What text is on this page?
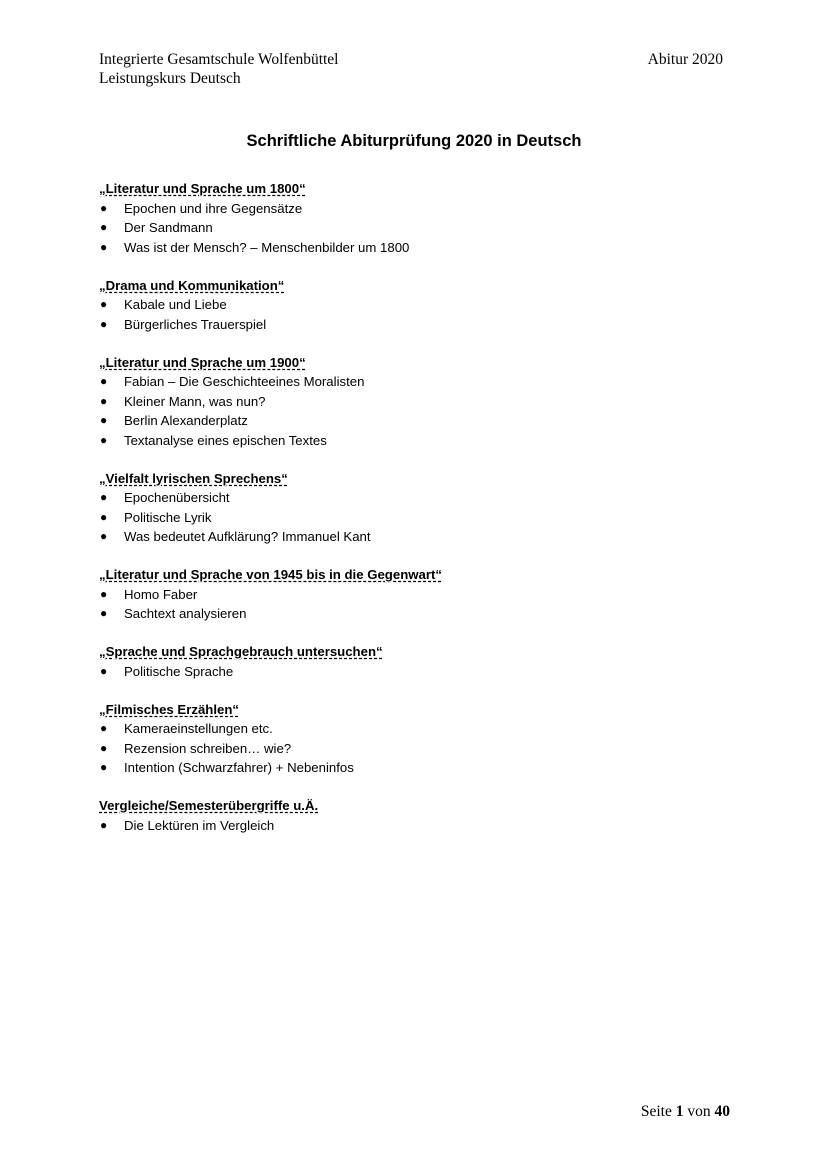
Integrierte Gesamtschule Wolfenbüttel
Leistungskurs Deutsch
Abitur 2020
Schriftliche Abiturprüfung 2020 in Deutsch
„Literatur und Sprache um 1800“
● Epochen und ihre Gegensätze
● Der Sandmann
● Was ist der Mensch? – Menschenbilder um 1800
„Drama und Kommunikation“
● Kabale und Liebe
● Bürgerliches Trauerspiel
„Literatur und Sprache um 1900“
● Fabian – Die Geschichteeines Moralisten
● Kleiner Mann, was nun?
● Berlin Alexanderplatz
● Textanalyse eines epischen Textes
„Vielfalt lyrischen Sprechens“
● Epochenübersicht
● Politische Lyrik
● Was bedeutet Aufklärung? Immanuel Kant
„Literatur und Sprache von 1945 bis in die Gegenwart“
● Homo Faber
● Sachtext analysieren
„Sprache und Sprachgebrauch untersuchen“
● Politische Sprache
„Filmisches Erzählen“
● Kameraeinstellungen etc.
● Rezension schreiben… wie?
● Intention (Schwarzfahrer) + Nebeninfos
Vergleiche/Semesterübergriffe u.Ä.
● Die Lektüren im Vergleich
Seite 1 von 40
